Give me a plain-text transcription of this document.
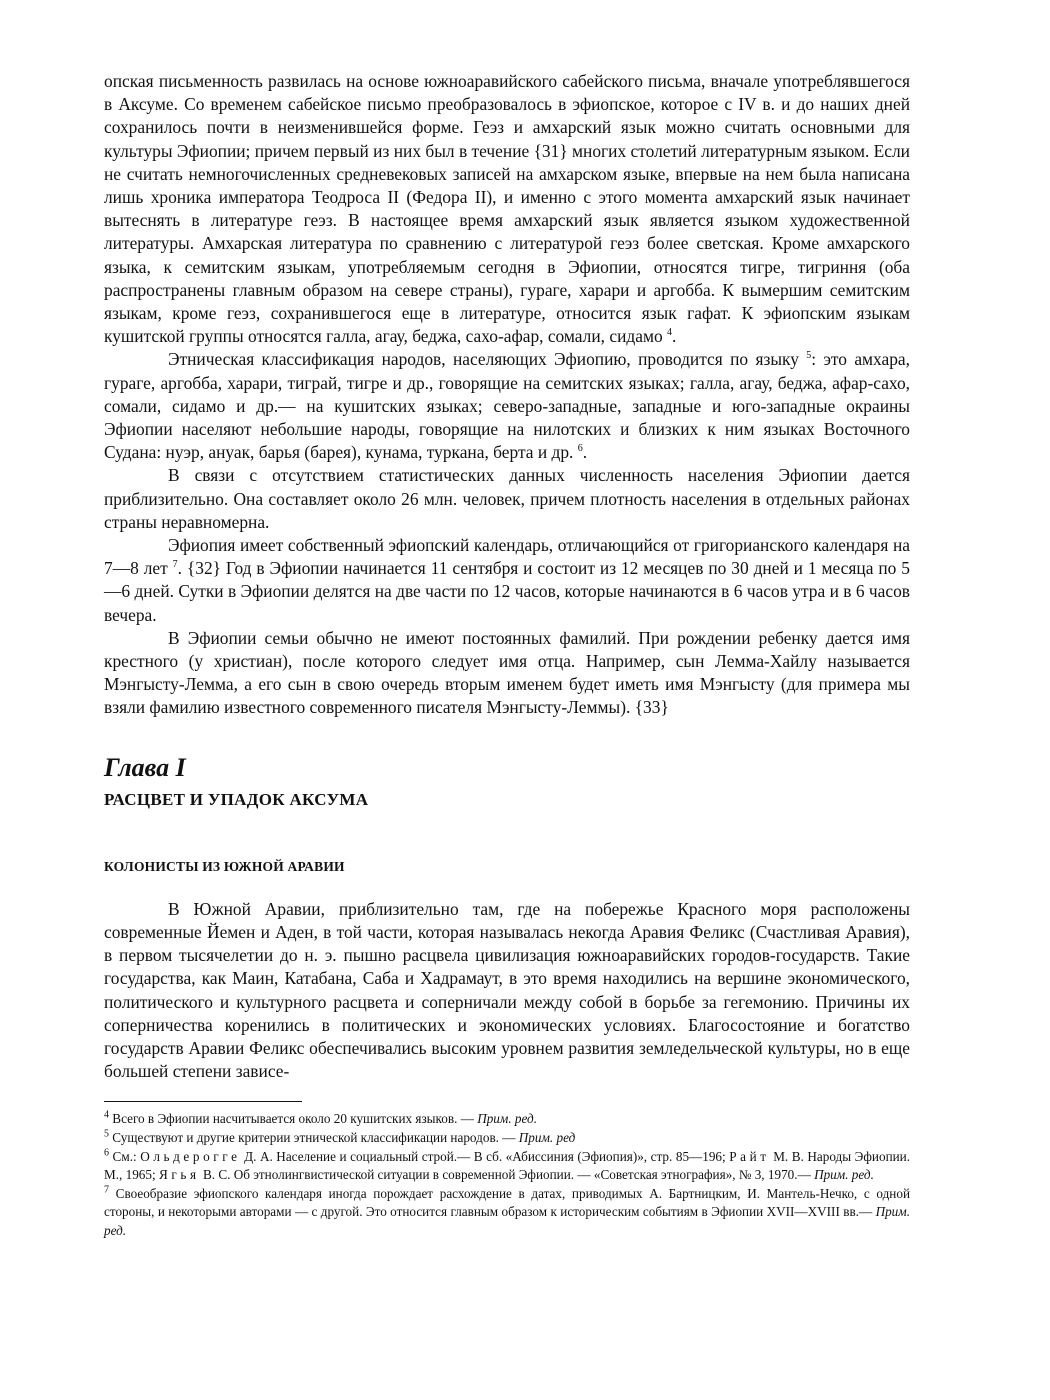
опская письменность развилась на основе южноаравийского сабейского письма, вначале употреблявшегося в Аксуме. Со временем сабейское письмо преобразовалось в эфиопское, которое с IV в. и до наших дней сохранилось почти в неизменившейся форме. Геэз и амхарский язык можно считать основными для культуры Эфиопии; причем первый из них был в течение {31} многих столетий литературным языком. Если не считать немногочисленных средневековых записей на амхарском языке, впервые на нем была написана лишь хроника императора Теодроса II (Федора II), и именно с этого момента амхарский язык начинает вытеснять в литературе геэз. В настоящее время амхарский язык является языком художественной литературы. Амхарская литература по сравнению с литературой геэз более светская. Кроме амхарского языка, к семитским языкам, употребляемым сегодня в Эфиопии, относятся тигре, тигриння (оба распространены главным образом на севере страны), гураге, харари и аргобба. К вымершим семитским языкам, кроме геэз, сохранившегося еще в литературе, относится язык гафат. К эфиопским языкам кушитской группы относятся галла, агау, беджа, сахо-афар, сомали, сидамо $^4$.

Этническая классификация народов, населяющих Эфиопию, проводится по языку $^5$: это амхара, гураге, аргобба, харари, тиграй, тигре и др., говорящие на семитских языках; галла, агау, беджа, афар-сахо, сомали, сидамо и др.— на кушитских языках; северо-западные, западные и юго-западные окраины Эфиопии населяют небольшие народы, говорящие на нилотских и близких к ним языках Восточного Судана: нуэр, ануак, барья (барея), кунама, туркана, берта и др. $^6$.

В связи с отсутствием статистических данных численность населения Эфиопии дается приблизительно. Она составляет около 26 млн. человек, причем плотность населения в отдельных районах страны неравномерна.

Эфиопия имеет собственный эфиопский календарь, отличающийся от григорианского календаря на 7—8 лет $^7$. {32} Год в Эфиопии начинается 11 сентября и состоит из 12 месяцев по 30 дней и 1 месяца по 5—6 дней. Сутки в Эфиопии делятся на две части по 12 часов, которые начинаются в 6 часов утра и в 6 часов вечера.

В Эфиопии семьи обычно не имеют постоянных фамилий. При рождении ребенку дается имя крестного (у христиан), после которого следует имя отца. Например, сын Лемма-Хайлу называется Мэнгысту-Лемма, а его сын в свою очередь вторым именем будет иметь имя Мэнгысту (для примера мы взяли фамилию известного современного писателя Мэнгысту-Леммы). {33}

Глава I
РАСЦВЕТ И УПАДОК АКСУМА
КОЛОНИСТЫ ИЗ ЮЖНОЙ АРАВИИ

В Южной Аравии, приблизительно там, где на побережье Красного моря расположены современные Йемен и Аден, в той части, которая называлась некогда Аравия Феликс (Счастливая Аравия), в первом тысячелетии до н. э. пышно расцвела цивилизация южноаравийских городов-государств. Такие государства, как Маин, Катабана, Саба и Хадрамаут, в это время находились на вершине экономического, политического и культурного расцвета и соперничали между собой в борьбе за гегемонию. Причины их соперничества коренились в политических и экономических условиях. Благосостояние и богатство государств Аравии Феликс обеспечивались высоким уровнем развития земледельческой культуры, но в еще большей степени зависе-

$^4$ Всего в Эфиопии насчитывается около 20 кушитских языков. — Прим. ред.

$^5$ Существуют и другие критерии этнической классификации народов. — Прим. ред

$^6$ См.: Ольдерогге Д. А. Население и социальный строй.— В сб. «Абиссиния (Эфиопия)», стр. 85—196; Райт М. В. Народы Эфиопии. М., 1965; Ягья В. С. Об этнолингвистической ситуации в современной Эфиопии. — «Советская этнография», № 3, 1970.— Прим. ред.

$^7$ Своеобразие эфиопского календаря иногда порождает расхождение в датах, приводимых А. Бартницким, И. Мантель-Нечко, с одной стороны, и некоторыми авторами — с другой. Это относится главным образом к историческим событиям в Эфиопии XVII—XVIII вв.— Прим. ред.
